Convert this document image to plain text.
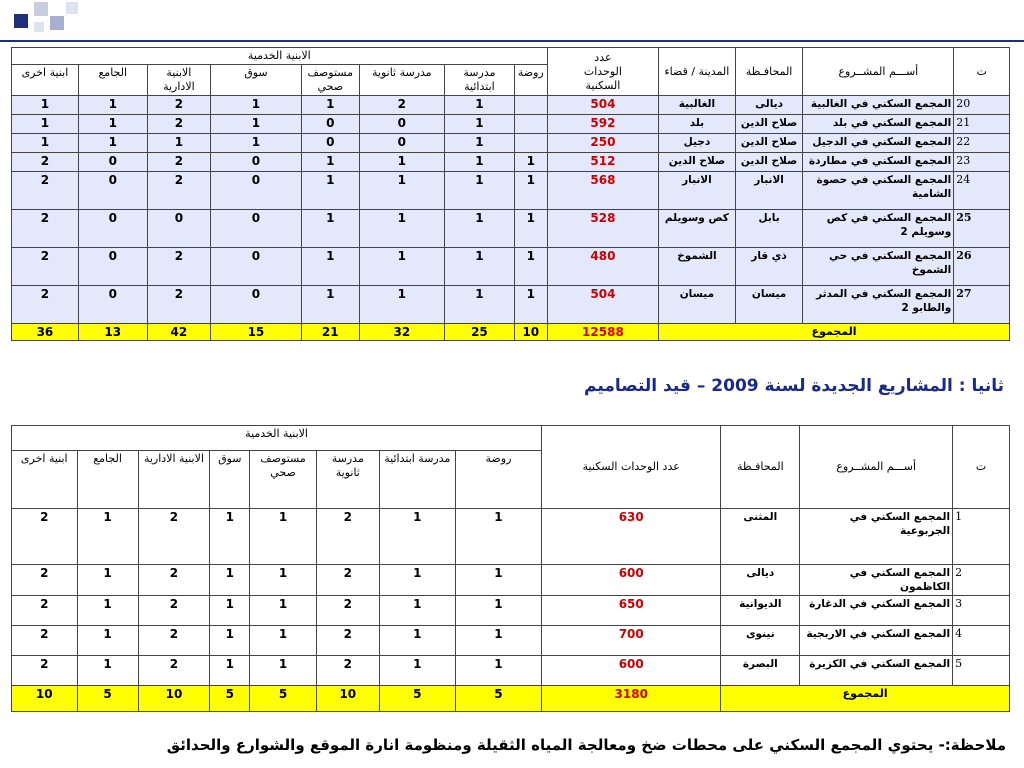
ت	أســـم المشــروع	المحافـظة	المدينة / قضاء	عدد
الوحدات
السكنية	الابنية الخدمية							
					روضة	مدرسة ابتدائية	مدرسة ثانوية	مستوصف صحي	سوق	الابنية الادارية	الجامع	ابنية اخرى
20	المجمع السكني في الغالبية	ديالى	الغالبية	504		1	2	1	1	2	1	1
21	المجمع السكني في بلد	صلاح الدين	بلد	592		1	0	0	1	2	1	1
22	المجمع السكني في الدجيل	صلاح الدين	دجيل	250		1	0	0	1	1	1	1
23	المجمع السكني في مطاردة	صلاح الدين	صلاح الدين	512	1	1	1	1	0	2	0	2
24	المجمع السكني في حصوة الشامية	الانبار	الانبار	568	1	1	1	1	0	2	0	2
25	المجمع السكني في كص وسويلم 2	بابل	كص وسويلم	528	1	1	1	1	0	0	0	2
26	المجمع السكني في حي الشموخ	ذي قار	الشموخ	480	1	1	1	1	0	2	0	2
27	المجمع السكني في المدثر والطابو 2	ميسان	ميسان	504	1	1	1	1	0	2	0	2
المجموع				12588	10	25	32	21	15	42	13	36
ثانيا : المشاريع الجديدة لسنة 2009 – قيد التصاميم
ت	أســـم المشــروع	المحافـظة	عدد الوحدات السكنية	الابنية الخدمية							
				روضة	مدرسة ابتدائية	مدرسة ثانوية	مستوصف صحي	سوق	الابنية الادارية	الجامع	ابنية اخرى
1	المجمع السكني في الجربوعية	المثنى	630	1	1	2	1	1	2	1	2
2	المجمع السكني في الكاظمون	ديالى	600	1	1	2	1	1	2	1	2
3	المجمع السكني في الدغارة	الديوانية	650	1	1	2	1	1	2	1	2
4	المجمع السكني في الاربجية	نينوى	700	1	1	2	1	1	2	1	2
5	المجمع السكني في الكزيرة	البصرة	600	1	1	2	1	1	2	1	2
المجموع			3180	5	5	10	5	5	10	5	10
ملاحظة:- يحتوي المجمع السكني على محطات ضخ ومعالجة المياه الثقيلة ومنظومة انارة الموقع والشوارع والحدائق
